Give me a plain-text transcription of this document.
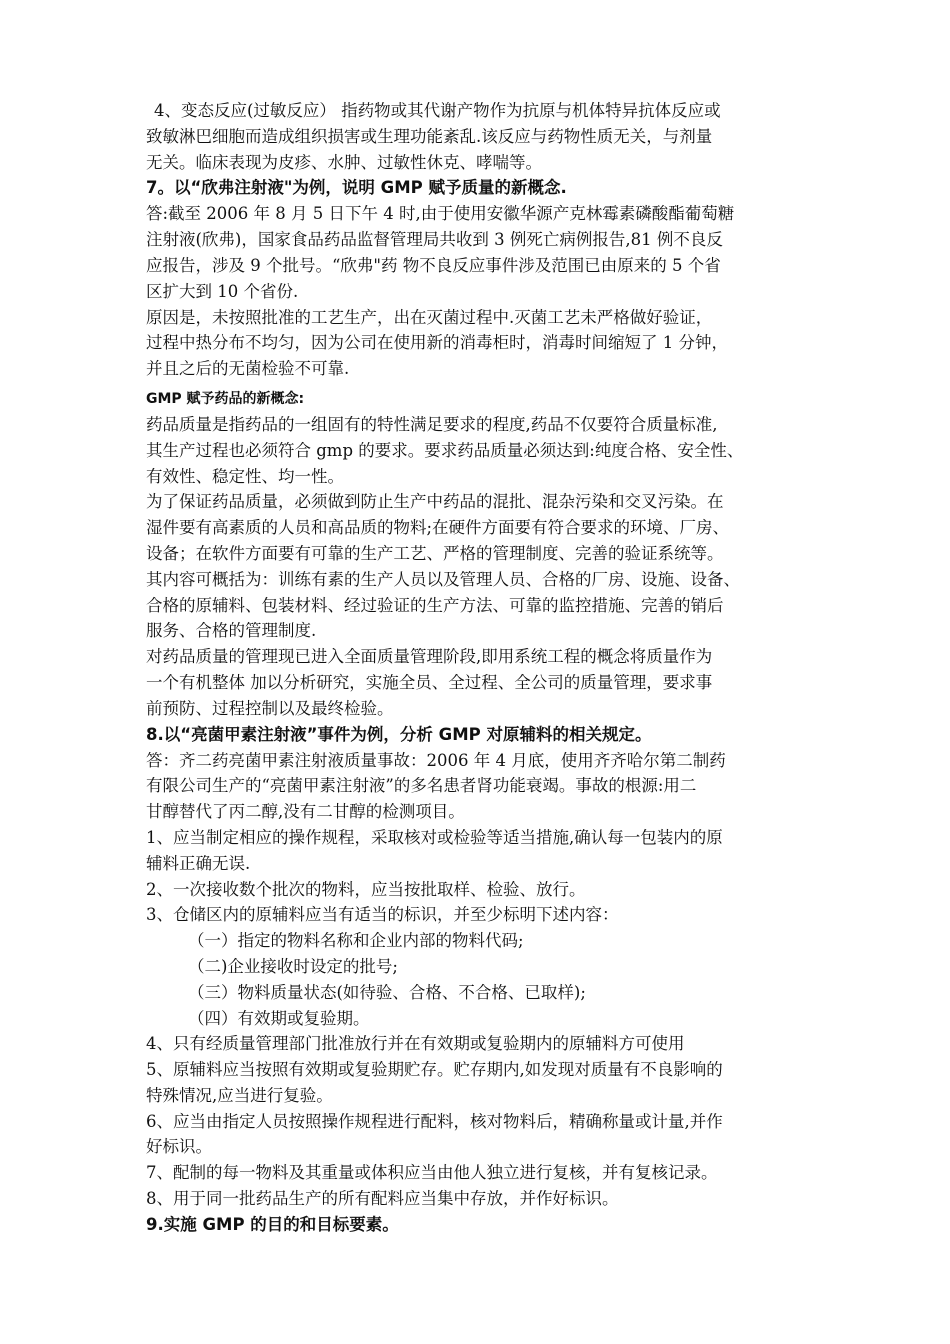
4、变态反应(过敏反应） 指药物或其代谢产物作为抗原与机体特异抗体反应或
致敏淋巴细胞而造成组织损害或生理功能紊乱.该反应与药物性质无关，与剂量
无关。临床表现为皮疹、水肿、过敏性休克、哮喘等。
7。以“欣弗注射液"为例，说明 GMP 赋予质量的新概念.
答:截至 2006 年 8 月 5 日下午 4 时,由于使用安徽华源产克林霉素磷酸酯葡萄糖
注射液(欣弗)，国家食品药品监督管理局共收到 3 例死亡病例报告,81 例不良反
应报告，涉及 9 个批号。“欣弗"药 物不良反应事件涉及范围已由原来的 5 个省
区扩大到 10 个省份.
原因是，未按照批准的工艺生产，出在灭菌过程中.灭菌工艺未严格做好验证，
过程中热分布不均匀，因为公司在使用新的消毒柜时，消毒时间缩短了 1 分钟，
并且之后的无菌检验不可靠.
GMP 赋予药品的新概念:
药品质量是指药品的一组固有的特性满足要求的程度,药品不仅要符合质量标准,
其生产过程也必须符合 gmp 的要求。要求药品质量必须达到:纯度合格、安全性、
有效性、稳定性、均一性。
为了保证药品质量，必须做到防止生产中药品的混批、混杂污染和交叉污染。在
湿件要有高素质的人员和高品质的物料;在硬件方面要有符合要求的环境、厂房、
设备；在软件方面要有可靠的生产工艺、严格的管理制度、完善的验证系统等。
其内容可概括为：训练有素的生产人员以及管理人员、合格的厂房、设施、设备、
合格的原辅料、包装材料、经过验证的生产方法、可靠的监控措施、完善的销后
服务、合格的管理制度.
对药品质量的管理现已进入全面质量管理阶段,即用系统工程的概念将质量作为
一个有机整体 加以分析研究，实施全员、全过程、全公司的质量管理，要求事
前预防、过程控制以及最终检验。
8.以“亮菌甲素注射液”事件为例，分析 GMP 对原辅料的相关规定。
答：齐二药亮菌甲素注射液质量事故：2006 年 4 月底，使用齐齐哈尔第二制药
有限公司生产的“亮菌甲素注射液”的多名患者肾功能衰竭。事故的根源:用二
甘醇替代了丙二醇,没有二甘醇的检测项目。
1、应当制定相应的操作规程，采取核对或检验等适当措施,确认每一包装内的原
辅料正确无误.
2、一次接收数个批次的物料，应当按批取样、检验、放行。
3、仓储区内的原辅料应当有适当的标识，并至少标明下述内容：
（一）指定的物料名称和企业内部的物料代码;
（二)企业接收时设定的批号;
（三）物料质量状态(如待验、合格、不合格、已取样);
（四）有效期或复验期。
4、只有经质量管理部门批准放行并在有效期或复验期内的原辅料方可使用
5、原辅料应当按照有效期或复验期贮存。贮存期内,如发现对质量有不良影响的
特殊情况,应当进行复验。
6、应当由指定人员按照操作规程进行配料，核对物料后，精确称量或计量,并作
好标识。
7、配制的每一物料及其重量或体积应当由他人独立进行复核，并有复核记录。
8、用于同一批药品生产的所有配料应当集中存放，并作好标识。
9.实施 GMP 的目的和目标要素。
